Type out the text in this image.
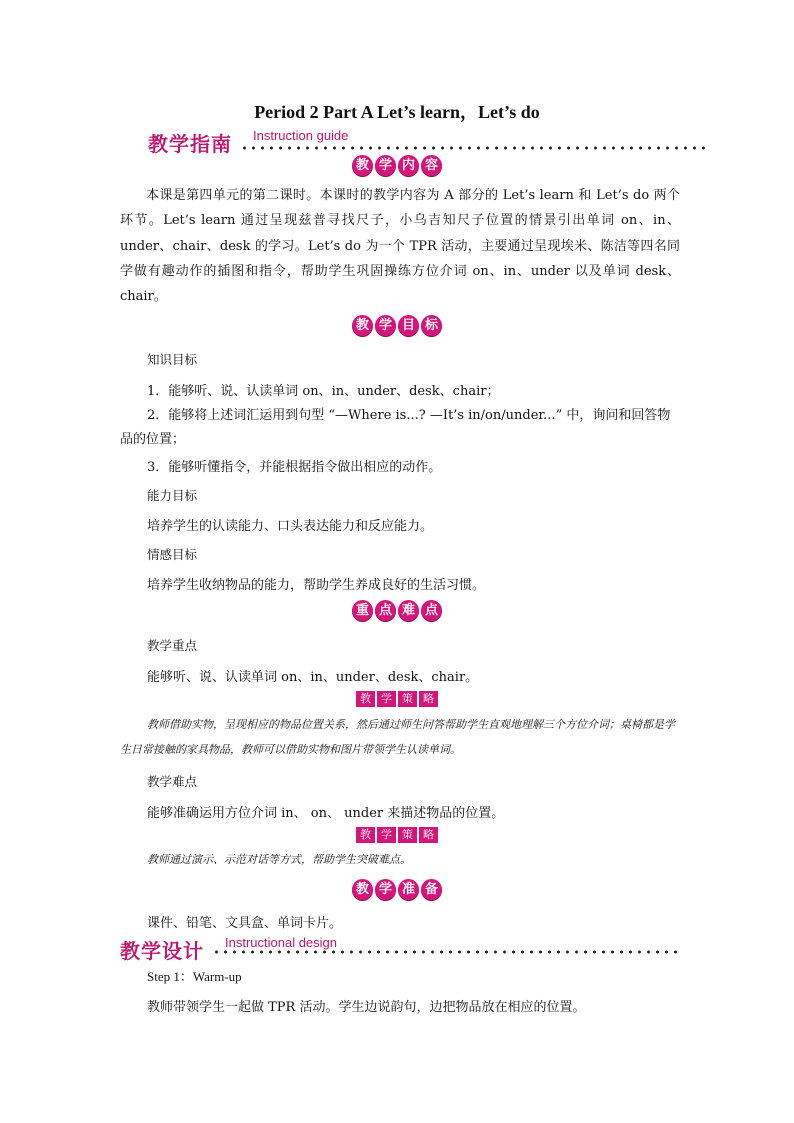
Period 2 Part A Let’s learn，Let’s do
教学指南 Instruction guide
教 学 内 容

本课是第四单元的第二课时。本课时的教学内容为 A 部分的 Let’s learn 和 Let’s do 两个环节。Let’s learn 通过呈现兹普寻找尺子，小乌吉知尺子位置的情景引出单词 on、in、under、chair、desk 的学习。Let’s do 为一个 TPR 活动，主要通过呈现埃米、陈洁等四名同学做有趣动作的插图和指令，帮助学生巩固操练方位介词 on、in、under 以及单词 desk、chair。

教 学 目 标
知识目标
1．能够听、说、认读单词 on、in、under、desk、chair；

2．能够将上述词汇运用到句型 “—Where is...? —It’s in/on/under...” 中，询问和回答物品的位置；

3．能够听懂指令，并能根据指令做出相应的动作。
能力目标
培养学生的认读能力、口头表达能力和反应能力。
情感目标
培养学生收纳物品的能力，帮助学生养成良好的生活习惯。
重 点 难 点
教学重点
能够听、说、认读单词 on、in、under、desk、chair。
教 学 策 略

教师借助实物，呈现相应的物品位置关系，然后通过师生问答帮助学生直观地理解三个方位介词；桌椅都是学生日常接触的家具物品，教师可以借助实物和图片带领学生认读单词。

教学难点
能够准确运用方位介词 in、 on、 under 来描述物品的位置。
教 学 策 略

教师通过演示、示范对话等方式，帮助学生突破难点。

教 学 准 备
课件、铅笔、文具盒、单词卡片。
教学设计 Instructional design
Step 1：Warm-up
教师带领学生一起做 TPR 活动。学生边说韵句，边把物品放在相应的位置。
